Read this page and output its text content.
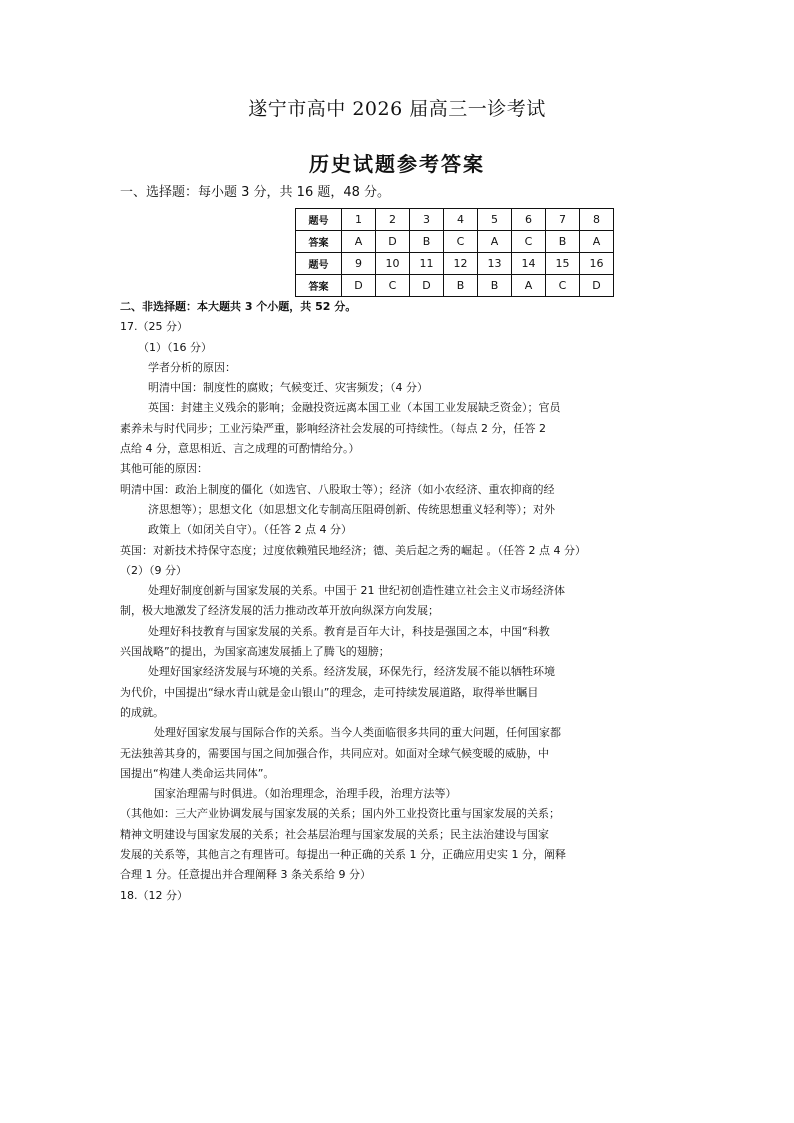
遂宁市高中 2026 届高三一诊考试
历史试题参考答案
一、选择题：每小题 3 分，共 16 题，48 分。
题号	1	2	3	4	5	6	7	8
答案	A	D	B	C	A	C	B	A
题号	9	10	11	12	13	14	15	16
答案	D	C	D	B	B	A	C	D

二、非选择题：本大题共 3 个小题，共 52 分。

17.（25 分）

（1）（16 分）

学者分析的原因：

明清中国：制度性的腐败；气候变迁、灾害频发；（4 分）

英国：封建主义残余的影响；金融投资远离本国工业（本国工业发展缺乏资金）；官员

素养未与时代同步；工业污染严重，影响经济社会发展的可持续性。（每点 2 分，任答 2

点给 4 分，意思相近、言之成理的可酌情给分。）

其他可能的原因：

明清中国：政治上制度的僵化（如选官、八股取士等）；经济（如小农经济、重农抑商的经

济思想等）；思想文化（如思想文化专制高压阻碍创新、传统思想重义轻利等）；对外

政策上（如闭关自守）。（任答 2 点 4 分）

英国：对新技术持保守态度；过度依赖殖民地经济；德、美后起之秀的崛起 。（任答 2 点 4 分）

（2）（9 分）

处理好制度创新与国家发展的关系。中国于 21 世纪初创造性建立社会主义市场经济体

制，极大地激发了经济发展的活力推动改革开放向纵深方向发展；

处理好科技教育与国家发展的关系。教育是百年大计，科技是强国之本，中国“科教

兴国战略”的提出，为国家高速发展插上了腾飞的翅膀；

处理好国家经济发展与环境的关系。经济发展，环保先行，经济发展不能以牺牲环境

为代价，中国提出“绿水青山就是金山银山”的理念，走可持续发展道路，取得举世瞩目

的成就。

处理好国家发展与国际合作的关系。当今人类面临很多共同的重大问题，任何国家都

无法独善其身的，需要国与国之间加强合作，共同应对。如面对全球气候变暖的威胁，中

国提出“构建人类命运共同体”。

国家治理需与时俱进。（如治理理念，治理手段，治理方法等）

（其他如：三大产业协调发展与国家发展的关系；国内外工业投资比重与国家发展的关系；

精神文明建设与国家发展的关系；社会基层治理与国家发展的关系；民主法治建设与国家

发展的关系等，其他言之有理皆可。每提出一种正确的关系 1 分，正确应用史实 1 分，阐释

合理 1 分。任意提出并合理阐释 3 条关系给 9 分）

18.（12 分）
